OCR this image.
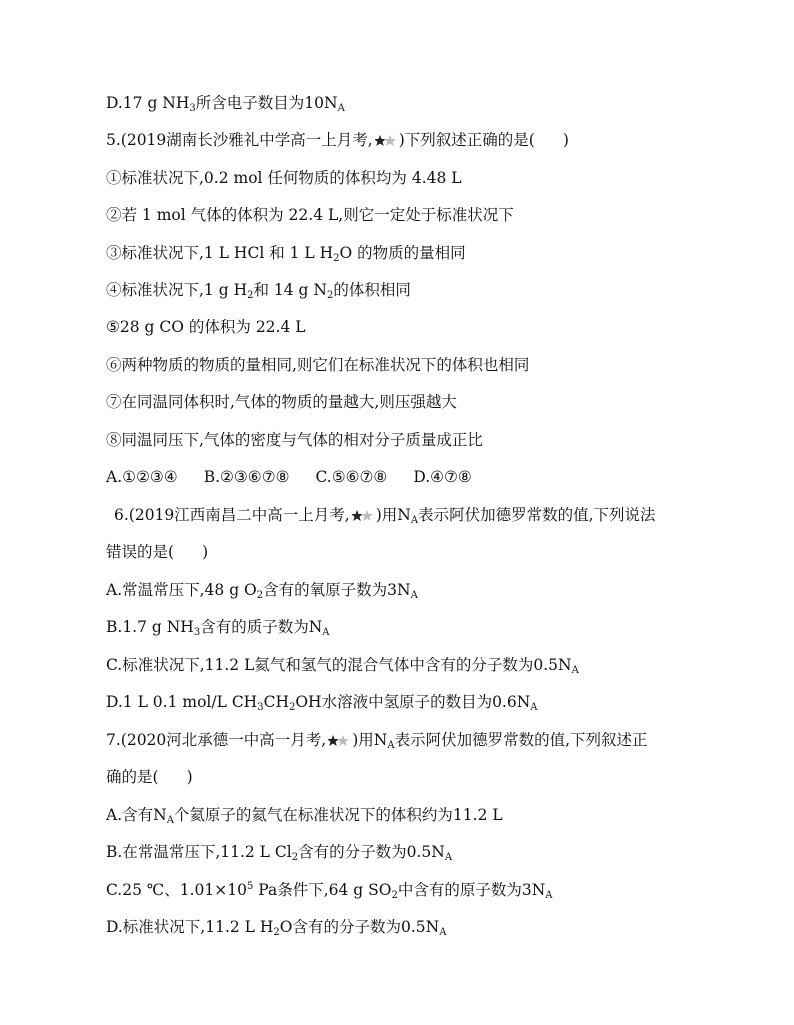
D.17 g $NH_3$所含电子数目为$10N_A$
5.(2019湖南长沙雅礼中学高一上月考, )下列叙述正确的是( )
①标准状况下,0.2 mol 任何物质的体积均为 4.48 L
②若 1 mol 气体的体积为 22.4 L,则它一定处于标准状况下
③标准状况下,1 L HCl 和 1 L $H_2O$ 的物质的量相同
④标准状况下,1 g $H_2$和 14 g $N_2$的体积相同
⑤28 g CO 的体积为 22.4 L
⑥两种物质的物质的量相同,则它们在标准状况下的体积也相同
⑦在同温同体积时,气体的物质的量越大,则压强越大
⑧同温同压下,气体的密度与气体的相对分子质量成正比
A.①②③④ B.②③⑥⑦⑧ C.⑤⑥⑦⑧ D.④⑦⑧
6.(2019江西南昌二中高一上月考, )用$N_A$表示阿伏加德罗常数的值,下列说法
错误的是( )
A.常温常压下,48 g $O_2$含有的氧原子数为$3N_A$
B.1.7 g $NH_3$含有的质子数为$N_A$
C.标准状况下,11.2 L氦气和氢气的混合气体中含有的分子数为$0.5N_A$
D.1 L 0.1 mol/L $CH_3CH_2OH$水溶液中氢原子的数目为$0.6N_A$
7.(2020河北承德一中高一月考, )用$N_A$表示阿伏加德罗常数的值,下列叙述正
确的是( )
A.含有$N_A$个氦原子的氦气在标准状况下的体积约为11.2 L
B.在常温常压下,11.2 L $Cl_2$含有的分子数为$0.5N_A$
C.25 ℃、$1.01\times 10^5$ Pa条件下,64 g $SO_2$中含有的原子数为$3N_A$
D.标准状况下,11.2 L $H_2O$含有的分子数为$0.5N_A$
